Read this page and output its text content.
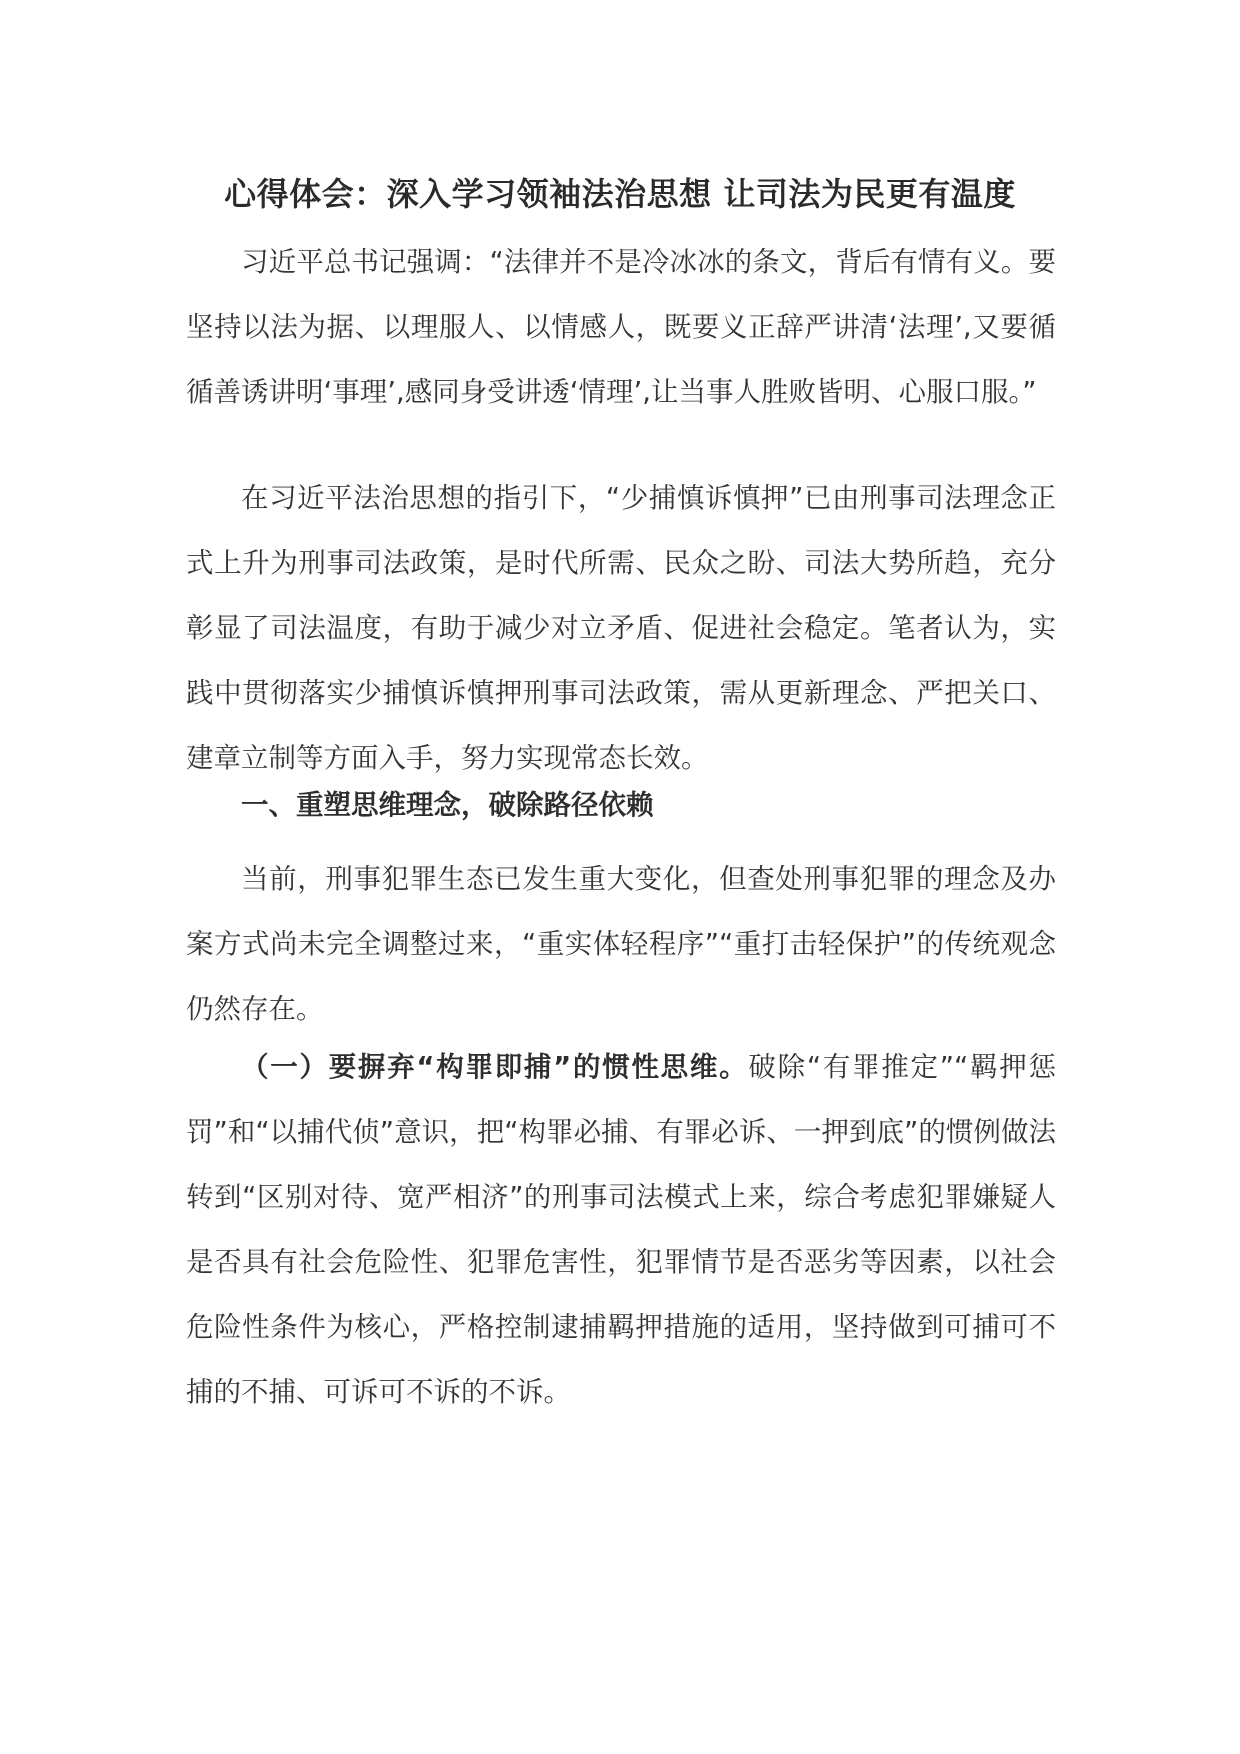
心得体会：深入学习领袖法治思想 让司法为民更有温度

习近平总书记强调：“法律并不是冷冰冰的条文，背后有情有义。要坚持以法为据、以理服人、以情感人，既要义正辞严讲清‘法理’,又要循循善诱讲明‘事理’,感同身受讲透‘情理’,让当事人胜败皆明、心服口服。”

在习近平法治思想的指引下，“少捕慎诉慎押”已由刑事司法理念正式上升为刑事司法政策，是时代所需、民众之盼、司法大势所趋，充分彰显了司法温度，有助于减少对立矛盾、促进社会稳定。笔者认为，实践中贯彻落实少捕慎诉慎押刑事司法政策，需从更新理念、严把关口、建章立制等方面入手，努力实现常态长效。

一、重塑思维理念，破除路径依赖

当前，刑事犯罪生态已发生重大变化，但查处刑事犯罪的理念及办案方式尚未完全调整过来，“重实体轻程序”“重打击轻保护”的传统观念仍然存在。

（一）要摒弃“构罪即捕”的惯性思维。破除“有罪推定”“羁押惩罚”和“以捕代侦”意识，把“构罪必捕、有罪必诉、一押到底”的惯例做法转到“区别对待、宽严相济”的刑事司法模式上来，综合考虑犯罪嫌疑人是否具有社会危险性、犯罪危害性，犯罪情节是否恶劣等因素，以社会危险性条件为核心，严格控制逮捕羁押措施的适用，坚持做到可捕可不捕的不捕、可诉可不诉的不诉。
